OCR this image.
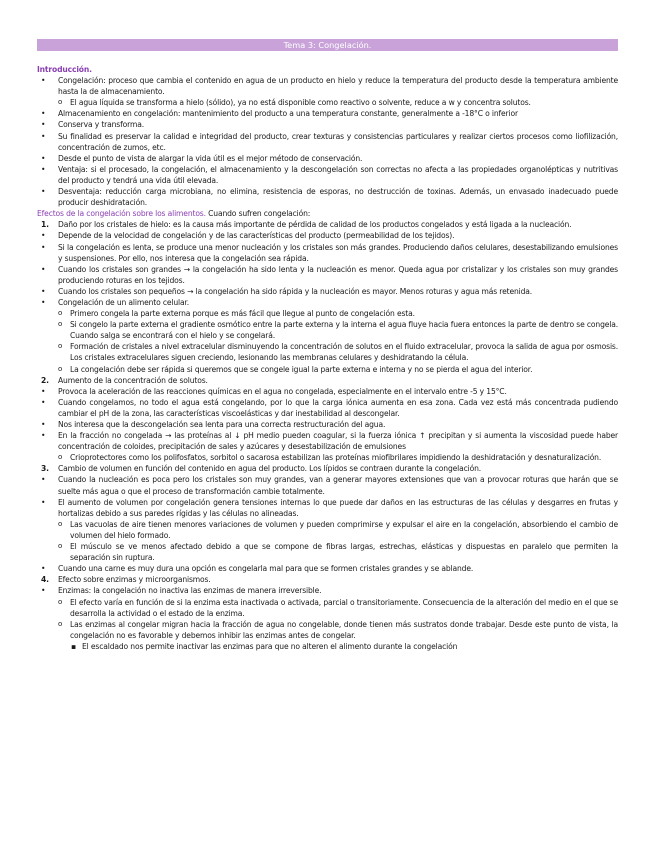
Tema 3: Congelación.
Introducción.
• Congelación: proceso que cambia el contenido en agua de un producto en hielo y reduce la temperatura del producto desde la temperatura ambiente hasta la de almacenamiento.
o El agua líquida se transforma a hielo (sólido), ya no está disponible como reactivo o solvente, reduce a w y concentra solutos.
• Almacenamiento en congelación: mantenimiento del producto a una temperatura constante, generalmente a -18°C o inferior
• Conserva y transforma.
• Su finalidad es preservar la calidad e integridad del producto, crear texturas y consistencias particulares y realizar ciertos procesos como liofilización, concentración de zumos, etc.
• Desde el punto de vista de alargar la vida útil es el mejor método de conservación.
• Ventaja: si el procesado, la congelación, el almacenamiento y la descongelación son correctas no afecta a las propiedades organolépticas y nutritivas del producto y tendrá una vida útil elevada.
• Desventaja: reducción carga microbiana, no elimina, resistencia de esporas, no destrucción de toxinas. Además, un envasado inadecuado puede producir deshidratación.
Efectos de la congelación sobre los alimentos. Cuando sufren congelación:
1. Daño por los cristales de hielo: es la causa más importante de pérdida de calidad de los productos congelados y está ligada a la nucleación.
• Depende de la velocidad de congelación y de las características del producto (permeabilidad de los tejidos).
• Si la congelación es lenta, se produce una menor nucleación y los cristales son más grandes. Produciendo daños celulares, desestabilizando emulsiones y suspensiones. Por ello, nos interesa que la congelación sea rápida.
• Cuando los cristales son grandes → la congelación ha sido lenta y la nucleación es menor. Queda agua por cristalizar y los cristales son muy grandes produciendo roturas en los tejidos.
• Cuando los cristales son pequeños → la congelación ha sido rápida y la nucleación es mayor. Menos roturas y agua más retenida.
• Congelación de un alimento celular.
o Primero congela la parte externa porque es más fácil que llegue al punto de congelación esta.
o Si congelo la parte externa el gradiente osmótico entre la parte externa y la interna el agua fluye hacia fuera entonces la parte de dentro se congela. Cuando salga se encontrará con el hielo y se congelará.
o Formación de cristales a nivel extracelular disminuyendo la concentración de solutos en el fluido extracelular, provoca la salida de agua por osmosis. Los cristales extracelulares siguen creciendo, lesionando las membranas celulares y deshidratando la célula.
o La congelación debe ser rápida si queremos que se congele igual la parte externa e interna y no se pierda el agua del interior.
2. Aumento de la concentración de solutos.
• Provoca la aceleración de las reacciones químicas en el agua no congelada, especialmente en el intervalo entre -5 y 15°C.
• Cuando congelamos, no todo el agua está congelando, por lo que la carga iónica aumenta en esa zona. Cada vez está más concentrada pudiendo cambiar el pH de la zona, las características viscoelásticas y dar inestabilidad al descongelar.
• Nos interesa que la descongelación sea lenta para una correcta restructuración del agua.
• En la fracción no congelada → las proteínas al ↓ pH medio pueden coagular, si la fuerza iónica ↑ precipitan y si aumenta la viscosidad puede haber concentración de coloides, precipitación de sales y azúcares y desestabilización de emulsiones
o Crioprotectores como los polifosfatos, sorbitol o sacarosa estabilizan las proteínas miofibrilares impidiendo la deshidratación y desnaturalización.
3. Cambio de volumen en función del contenido en agua del producto. Los lípidos se contraen durante la congelación.
• Cuando la nucleación es poca pero los cristales son muy grandes, van a generar mayores extensiones que van a provocar roturas que harán que se suelte más agua o que el proceso de transformación cambie totalmente.
• El aumento de volumen por congelación genera tensiones internas lo que puede dar daños en las estructuras de las células y desgarres en frutas y hortalizas debido a sus paredes rígidas y las células no alineadas.
o Las vacuolas de aire tienen menores variaciones de volumen y pueden comprimirse y expulsar el aire en la congelación, absorbiendo el cambio de volumen del hielo formado.
o El músculo se ve menos afectado debido a que se compone de fibras largas, estrechas, elásticas y dispuestas en paralelo que permiten la separación sin ruptura.
• Cuando una carne es muy dura una opción es congelarla mal para que se formen cristales grandes y se ablande.
4. Efecto sobre enzimas y microorganismos.
• Enzimas: la congelación no inactiva las enzimas de manera irreversible.
o El efecto varía en función de si la enzima esta inactivada o activada, parcial o transitoriamente. Consecuencia de la alteración del medio en el que se desarrolla la actividad o el estado de la enzima.
o Las enzimas al congelar migran hacia la fracción de agua no congelable, donde tienen más sustratos donde trabajar. Desde este punto de vista, la congelación no es favorable y debemos inhibir las enzimas antes de congelar.
▪ El escaldado nos permite inactivar las enzimas para que no alteren el alimento durante la congelación
